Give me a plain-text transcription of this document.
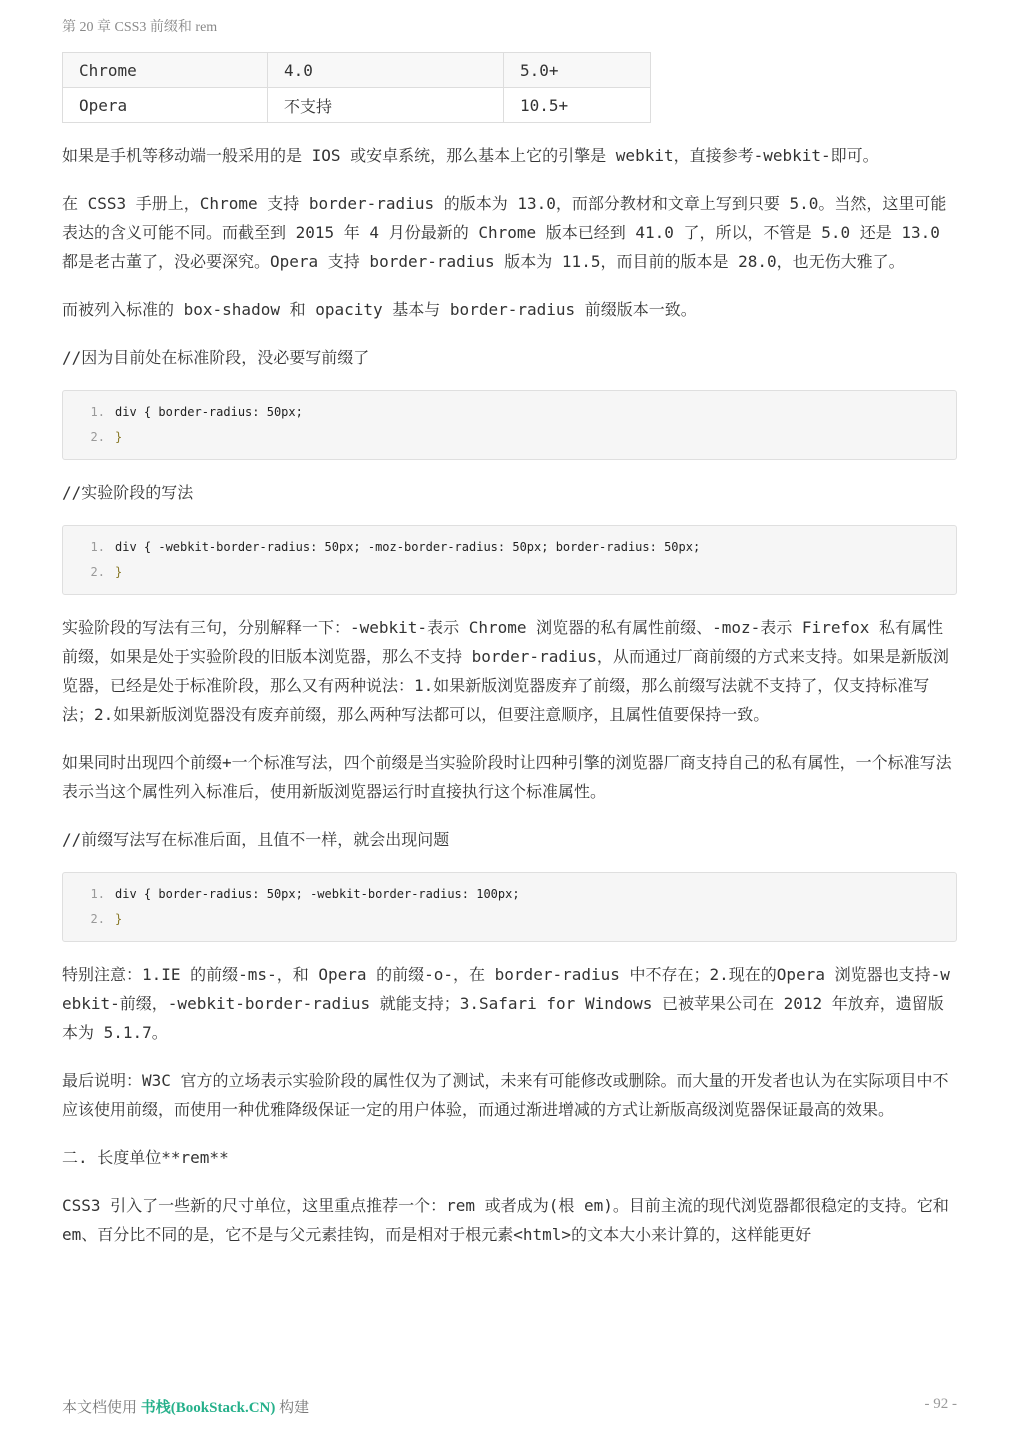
第 20 章 CSS3 前缀和 rem
Chrome	4.0	5.0+
Opera	不支持	10.5+

如果是手机等移动端一般采用的是 IOS 或安卓系统，那么基本上它的引擎是 webkit，直接参考-webkit-即可。

在 CSS3 手册上，Chrome 支持 border-radius 的版本为 13.0，而部分教材和文章上写到只要 5.0。当然，这里可能表达的含义可能不同。而截至到 2015 年 4 月份最新的 Chrome 版本已经到 41.0 了，所以，不管是 5.0 还是 13.0 都是老古董了，没必要深究。Opera 支持 border-radius 版本为 11.5，而目前的版本是 28.0，也无伤大雅了。

而被列入标准的 box-shadow 和 opacity 基本与 border-radius 前缀版本一致。

//因为目前处在标准阶段，没必要写前缀了

1. div { border-radius: 50px;
2. }

//实验阶段的写法

1. div { -webkit-border-radius: 50px; -moz-border-radius: 50px; border-radius: 50px;
2. }

实验阶段的写法有三句，分别解释一下：-webkit-表示 Chrome 浏览器的私有属性前缀、-moz-表示 Firefox 私有属性前缀，如果是处于实验阶段的旧版本浏览器，那么不支持 border-radius，从而通过厂商前缀的方式来支持。如果是新版浏览器，已经是处于标准阶段，那么又有两种说法：1.如果新版浏览器废弃了前缀，那么前缀写法就不支持了，仅支持标准写法；2.如果新版浏览器没有废弃前缀，那么两种写法都可以，但要注意顺序，且属性值要保持一致。

如果同时出现四个前缀+一个标准写法，四个前缀是当实验阶段时让四种引擎的浏览器厂商支持自己的私有属性，一个标准写法表示当这个属性列入标准后，使用新版浏览器运行时直接执行这个标准属性。

//前缀写法写在标准后面，且值不一样，就会出现问题

1. div { border-radius: 50px; -webkit-border-radius: 100px;
2. }

特别注意：1.IE 的前缀-ms-，和 Opera 的前缀-o-，在 border-radius 中不存在；2.现在的Opera 浏览器也支持-webkit-前缀，-webkit-border-radius 就能支持；3.Safari for Windows 已被苹果公司在 2012 年放弃，遗留版本为 5.1.7。

最后说明：W3C 官方的立场表示实验阶段的属性仅为了测试，未来有可能修改或删除。而大量的开发者也认为在实际项目中不应该使用前缀，而使用一种优雅降级保证一定的用户体验，而通过渐进增减的方式让新版高级浏览器保证最高的效果。

二. 长度单位**rem**

CSS3 引入了一些新的尺寸单位，这里重点推荐一个：rem 或者成为(根 em)。目前主流的现代浏览器都很稳定的支持。它和 em、百分比不同的是，它不是与父元素挂钩，而是相对于根元素<html>的文本大小来计算的，这样能更好

本文档使用 书栈(BookStack.CN) 构建	- 92 -
